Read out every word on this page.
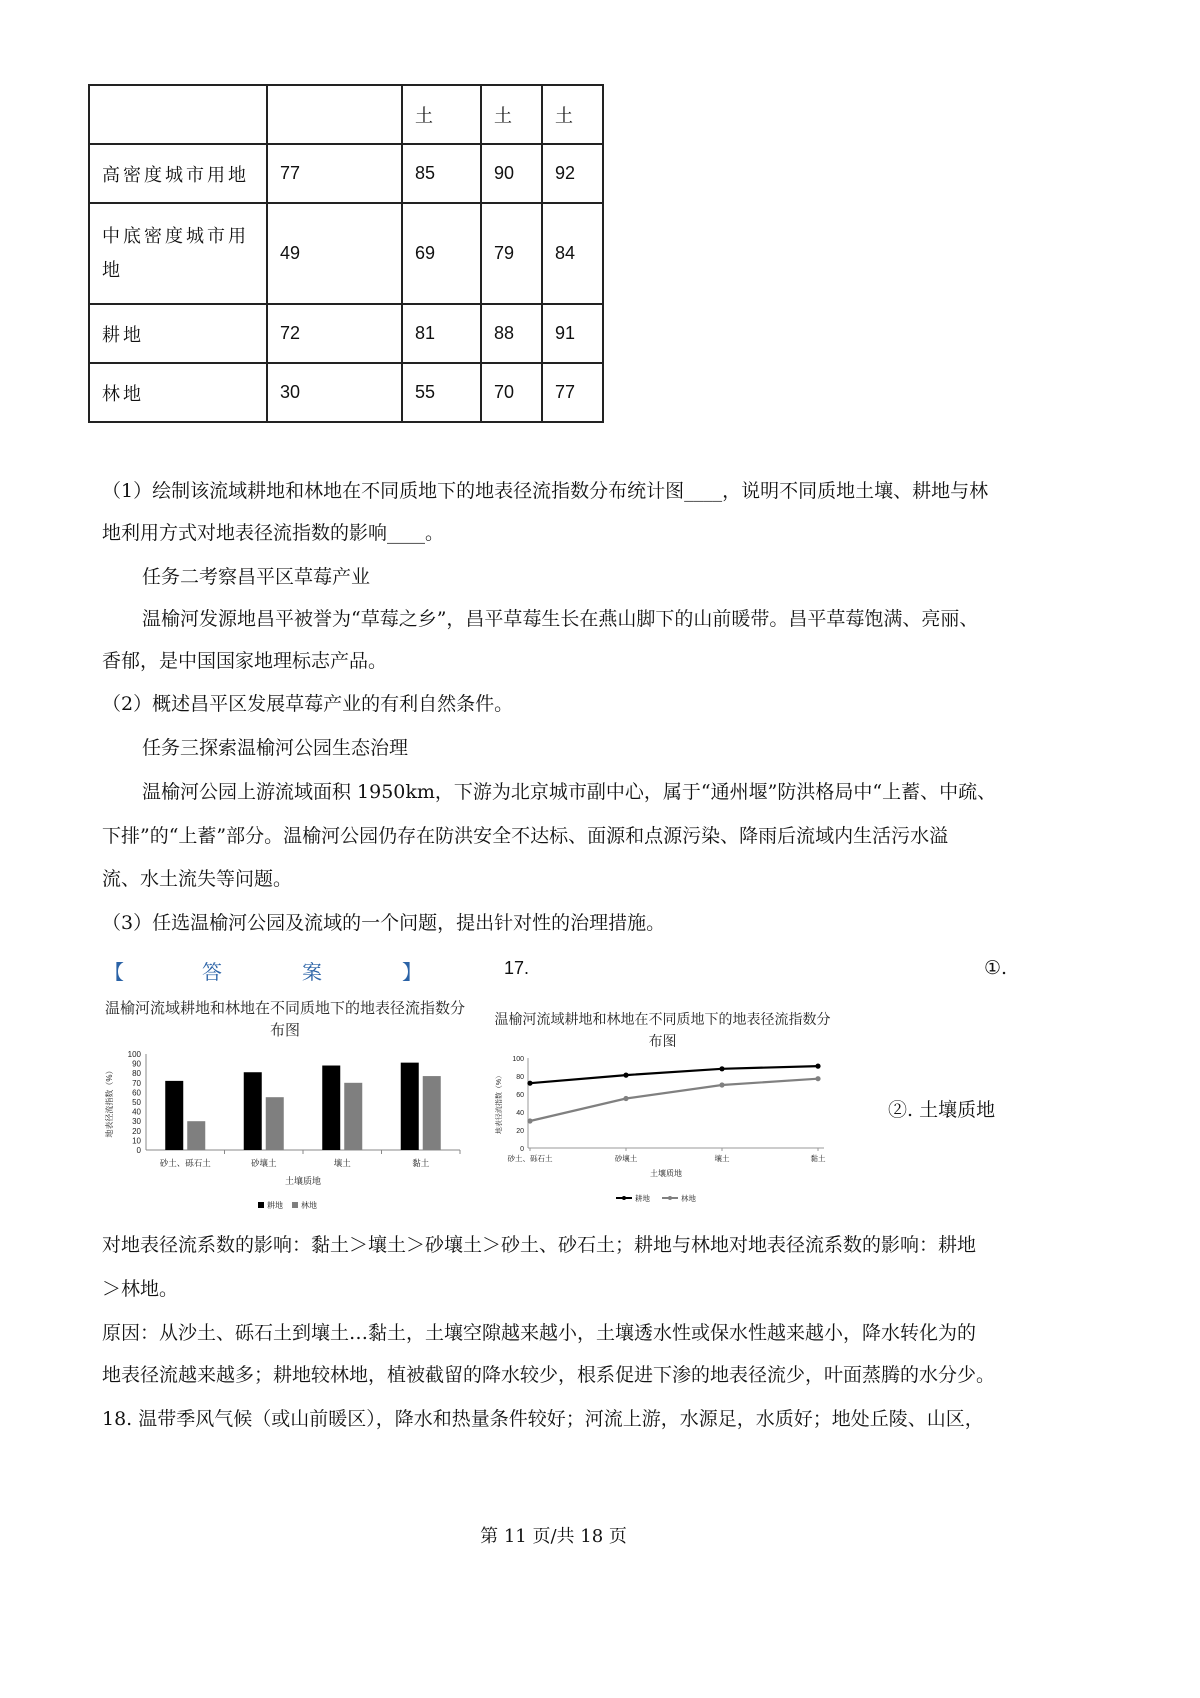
		土	土	土
高密度城市用地	77	85	90	92
中底密度城市用地	49	69	79	84
耕地	72	81	88	91
林地	30	55	70	77
（1）绘制该流域耕地和林地在不同质地下的地表径流指数分布统计图____，说明不同质地土壤、耕地与林
地利用方式对地表径流指数的影响____。
任务二考察昌平区草莓产业
温榆河发源地昌平被誉为“草莓之乡”，昌平草莓生长在燕山脚下的山前暖带。昌平草莓饱满、亮丽、
香郁，是中国国家地理标志产品。
（2）概述昌平区发展草莓产业的有利自然条件。
任务三探索温榆河公园生态治理
温榆河公园上游流域面积 1950km，下游为北京城市副中心，属于“通州堰”防洪格局中“上蓄、中疏、
下排”的“上蓄”部分。温榆河公园仍存在防洪安全不达标、面源和点源污染、降雨后流域内生活污水溢
流、水土流失等问题。
（3）任选温榆河公园及流域的一个问题，提出针对性的治理措施。
【	答	案	】	17.	①.
温榆河流域耕地和林地在不同质地下的地表径流指数分布图
0
10
20
30
40
50
60
70
80
90
100
砂土、砾石土	砂壤土	壤土	黏土
土壤质地
地表径流指数（%）
耕地 林地
温榆河流域耕地和林地在不同质地下的地表径流指数分布图
0
20
40
60
80
100
砂土、砾石土	砂壤土	壤土	黏土
土壤质地
地表径流指数（%）
耕地	林地
②. 土壤质地
对地表径流系数的影响：黏土＞壤土＞砂壤土＞砂土、砂石土；耕地与林地对地表径流系数的影响：耕地
＞林地。
原因：从沙土、砾石土到壤土…黏土，土壤空隙越来越小，土壤透水性或保水性越来越小，降水转化为的
地表径流越来越多；耕地较林地，植被截留的降水较少，根系促进下渗的地表径流少，叶面蒸腾的水分少。
18. 温带季风气候（或山前暖区），降水和热量条件较好；河流上游，水源足，水质好；地处丘陵、山区，
第 11 页/共 18 页
